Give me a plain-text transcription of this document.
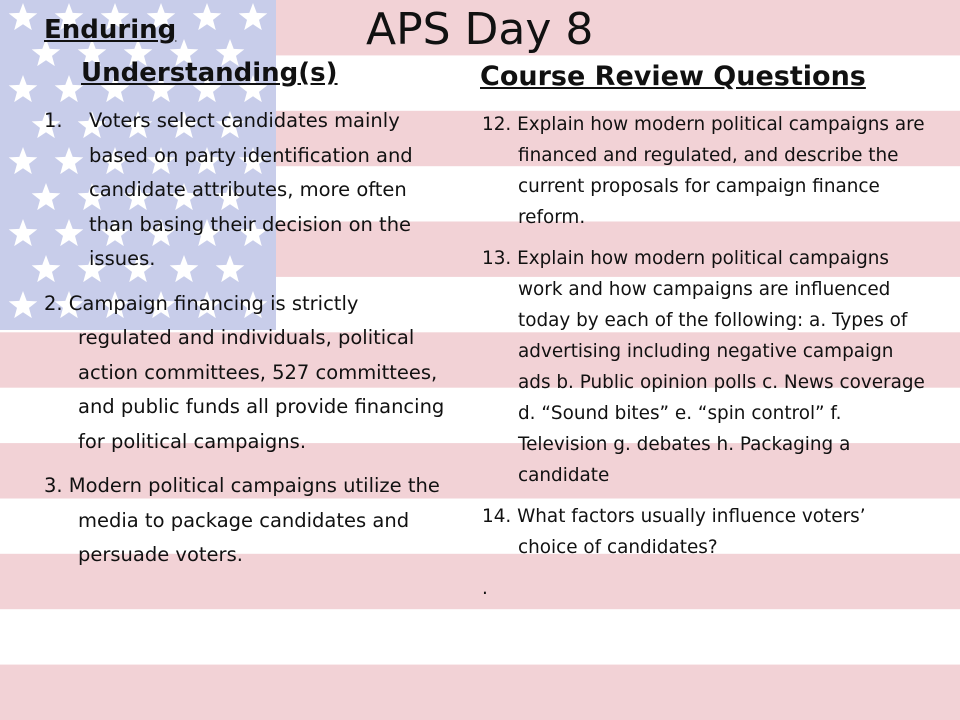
APS Day 8
Enduring
Understanding(s)	Course Review Questions
1. Voters select candidates mainly based on party identification and candidate attributes, more often than basing their decision on the issues.
2. Campaign financing is strictly regulated and individuals, political action committees, 527 committees, and public funds all provide financing for political campaigns.
3. Modern political campaigns utilize the media to package candidates and persuade voters.
12. Explain how modern political campaigns are financed and regulated, and describe the current proposals for campaign finance reform.
13. Explain how modern political campaigns work and how campaigns are influenced today by each of the following: a. Types of advertising including negative campaign ads b. Public opinion polls c. News coverage d. “Sound bites” e. “spin control” f. Television g. debates h. Packaging a candidate
14. What factors usually influence voters’ choice of candidates?
.
